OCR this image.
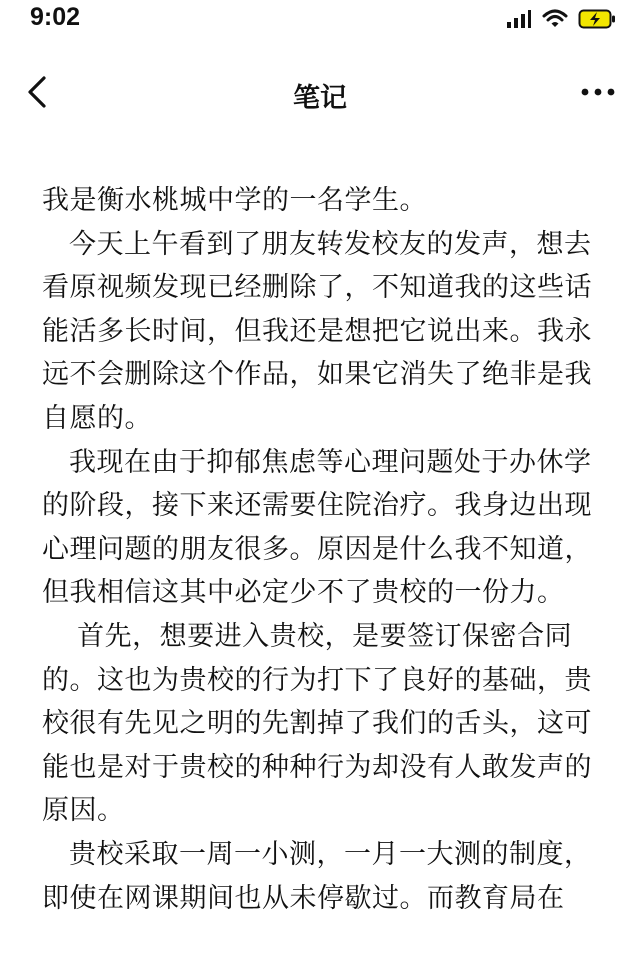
9:02
笔记

我是衡水桃城中学的一名学生。

今天上午看到了朋友转发校友的发声，想去看原视频发现已经删除了，不知道我的这些话能活多长时间，但我还是想把它说出来。我永远不会删除这个作品，如果它消失了绝非是我自愿的。

我现在由于抑郁焦虑等心理问题处于办休学的阶段，接下来还需要住院治疗。我身边出现心理问题的朋友很多。原因是什么我不知道，但我相信这其中必定少不了贵校的一份力。

首先，想要进入贵校，是要签订保密合同的。这也为贵校的行为打下了良好的基础，贵校很有先见之明的先割掉了我们的舌头，这可能也是对于贵校的种种行为却没有人敢发声的原因。

贵校采取一周一小测，一月一大测的制度，即使在网课期间也从未停歇过。而教育局在
